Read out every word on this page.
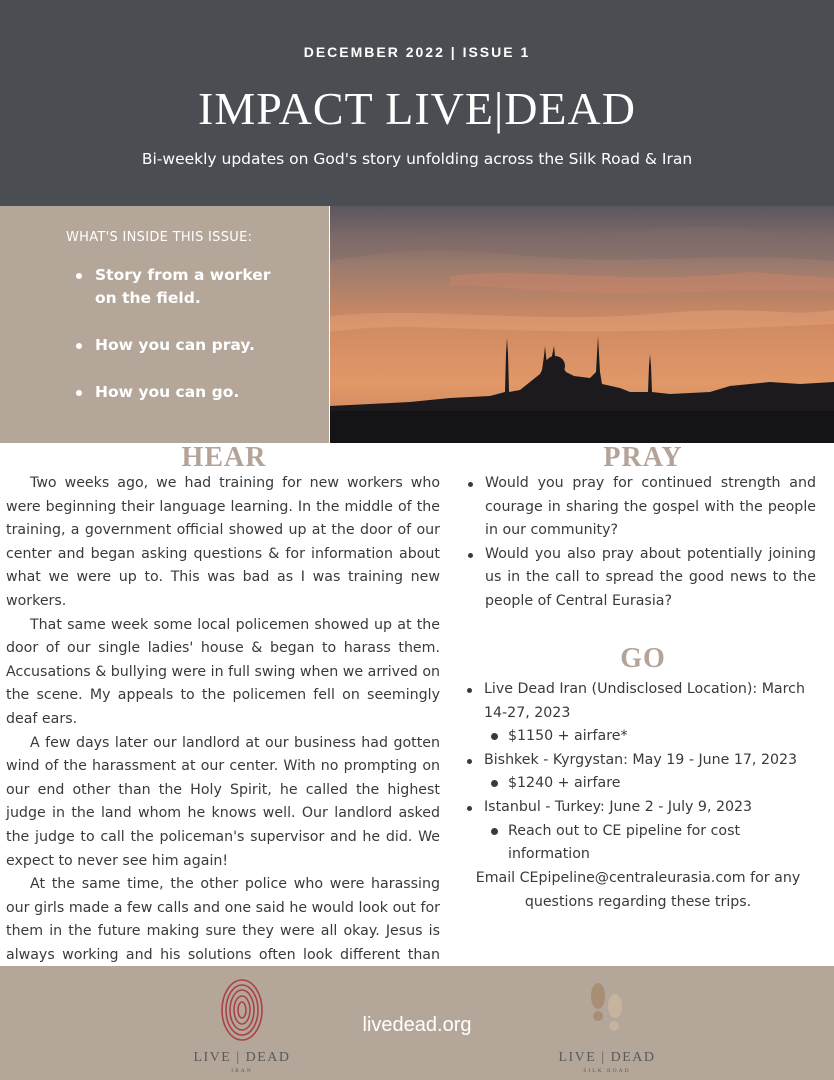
DECEMBER 2022 | ISSUE 1
IMPACT LIVE|DEAD
Bi-weekly updates on God's story unfolding across the Silk Road & Iran
WHAT'S INSIDE THIS ISSUE:
Story from a worker on the field.
How you can pray.
How you can go.
HEAR

Two weeks ago, we had training for new workers who were beginning their language learning. In the middle of the training, a government official showed up at the door of our center and began asking questions & for information about what we were up to. This was bad as I was training new workers.

That same week some local policemen showed up at the door of our single ladies' house & began to harass them. Accusations & bullying were in full swing when we arrived on the scene. My appeals to the policemen fell on seemingly deaf ears.

A few days later our landlord at our business had gotten wind of the harassment at our center. With no prompting on our end other than the Holy Spirit, he called the highest judge in the land whom he knows well. Our landlord asked the judge to call the policeman's supervisor and he did. We expect to never see him again!

At the same time, the other police who were harassing our girls made a few calls and one said he would look out for them in the future making sure they were all okay. Jesus is always working and his solutions often look different than

PRAY
Would you pray for continued strength and courage in sharing the gospel with the people in our community?
Would you also pray about potentially joining us in the call to spread the good news to the people of Central Eurasia?
GO
Live Dead Iran (Undisclosed Location): March 14-27, 2023
$1150 + airfare*
Bishkek - Kyrgystan: May 19 - June 17, 2023
$1240 + airfare
Istanbul - Turkey: June 2 - July 9, 2023
Reach out to CE pipeline for cost information
Email CEpipeline@centraleurasia.com for any questions regarding these trips.
LIVE | DEAD
IRAN
livedead.org
LIVE | DEAD
SILK ROAD
